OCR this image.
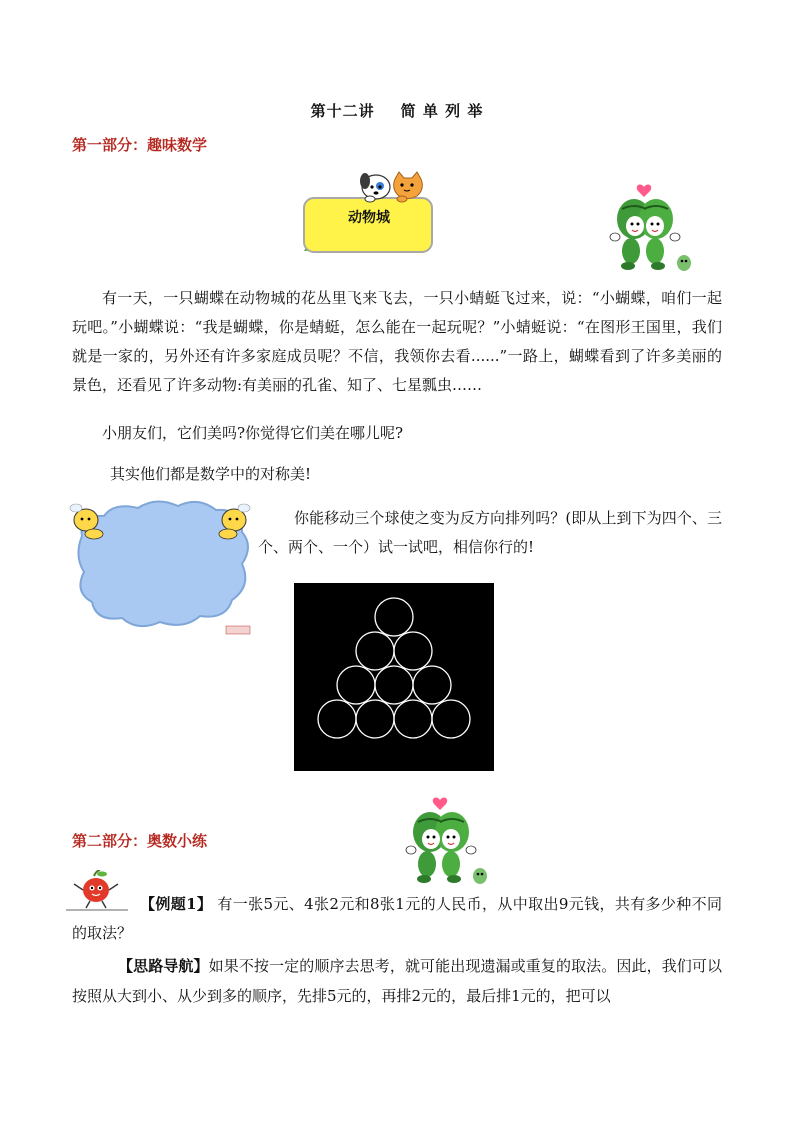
第十二讲 简 单 列 举
第一部分：趣味数学
动物城
有一天，一只蝴蝶在动物城的花丛里飞来飞去，一只小蜻蜓飞过来，说：“小蝴蝶，咱们一起玩吧。”小蝴蝶说：“我是蝴蝶，你是蜻蜓，怎么能在一起玩呢？”小蜻蜓说：“在图形王国里，我们就是一家的，另外还有许多家庭成员呢？不信，我领你去看......”一路上，蝴蝶看到了许多美丽的景色，还看见了许多动物:有美丽的孔雀、知了、七星瓢虫……
小朋友们，它们美吗?你觉得它们美在哪儿呢?
其实他们都是数学中的对称美!
你能移动三个球使之变为反方向排列吗？(即从上到下为四个、三个、两个、一个）试一试吧，相信你行的!
第二部分：奥数小练
【例题1】 有一张5元、4张2元和8张1元的人民币，从中取出9元钱，共有多少种不同的取法？
【思路导航】如果不按一定的顺序去思考，就可能出现遗漏或重复的取法。因此，我们可以按照从大到小、从少到多的顺序，先排5元的，再排2元的，最后排1元的，把可以
